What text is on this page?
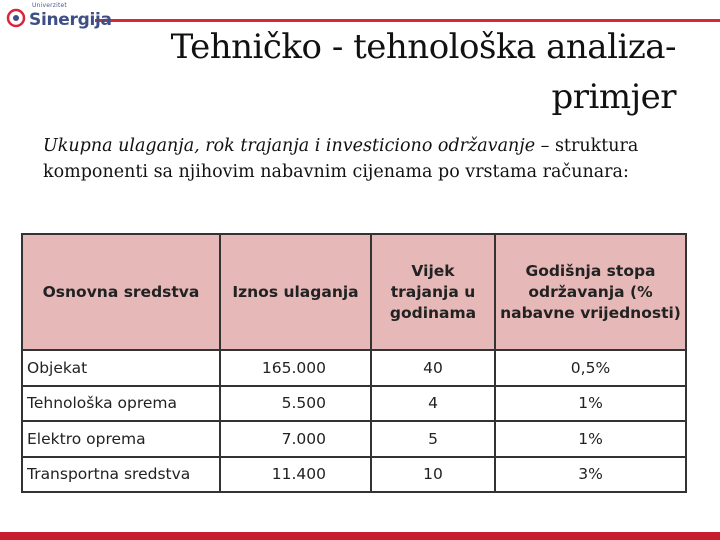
Univerzitet
Sinergija
Tehničko - tehnološka analiza-primjer
Ukupna ulaganja, rok trajanja i investiciono održavanje – struktura komponenti sa njihovim nabavnim cijenama po vrstama računara:
Osnovna sredstva	Iznos ulaganja	Vijek trajanja u godinama	Godišnja stopa održavanja (% nabavne vrijednosti)
Objekat	165.000	40	0,5%
Tehnološka oprema	5.500	4	1%
Elektro oprema	7.000	5	1%
Transportna sredstva	11.400	10	3%
